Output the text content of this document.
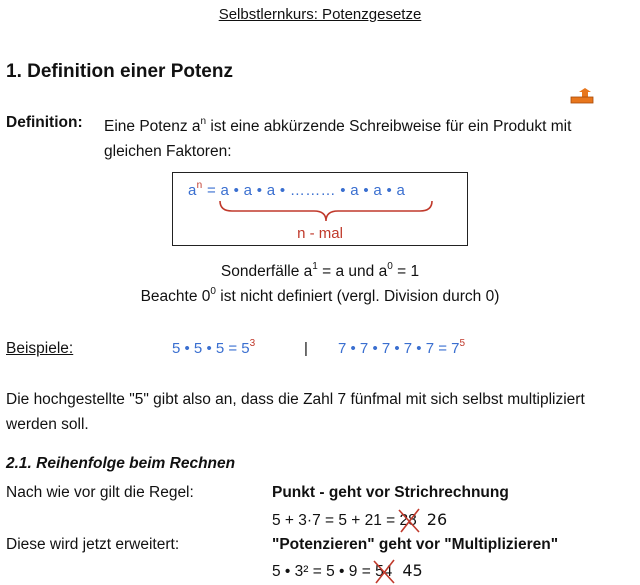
Selbstlernkurs: Potenzgesetze
1. Definition einer Potenz
Definition: Eine Potenz $a^n$ ist eine abkürzende Schreibweise für ein Produkt mit
gleichen Faktoren:
$a^n = a$ • a • a • ……… • a • a • a
n - mal
Sonderfälle $a^1 = a$ und $a^0 = 1$
Beachte $0^0$ ist nicht definiert (vergl. Division durch 0)
Beispiele:	5 • 5 • $5 = 5^3$	| 7 • 7 • 7 • 7 • $7 = 7^5$
Die hochgestellte "5" gibt also an, dass die Zahl 7 fünfmal mit sich selbst multipliziert werden soll.
2.1. Reihenfolge beim Rechnen
Nach wie vor gilt die Regel:	Punkt - geht vor Strichrechnung
5 + 3·7 = 5 + 21 = 28 26
Diese wird jetzt erweitert:	"Potenzieren" geht vor "Multiplizieren"
5 • 3² = 5 • 9 = 54 45
